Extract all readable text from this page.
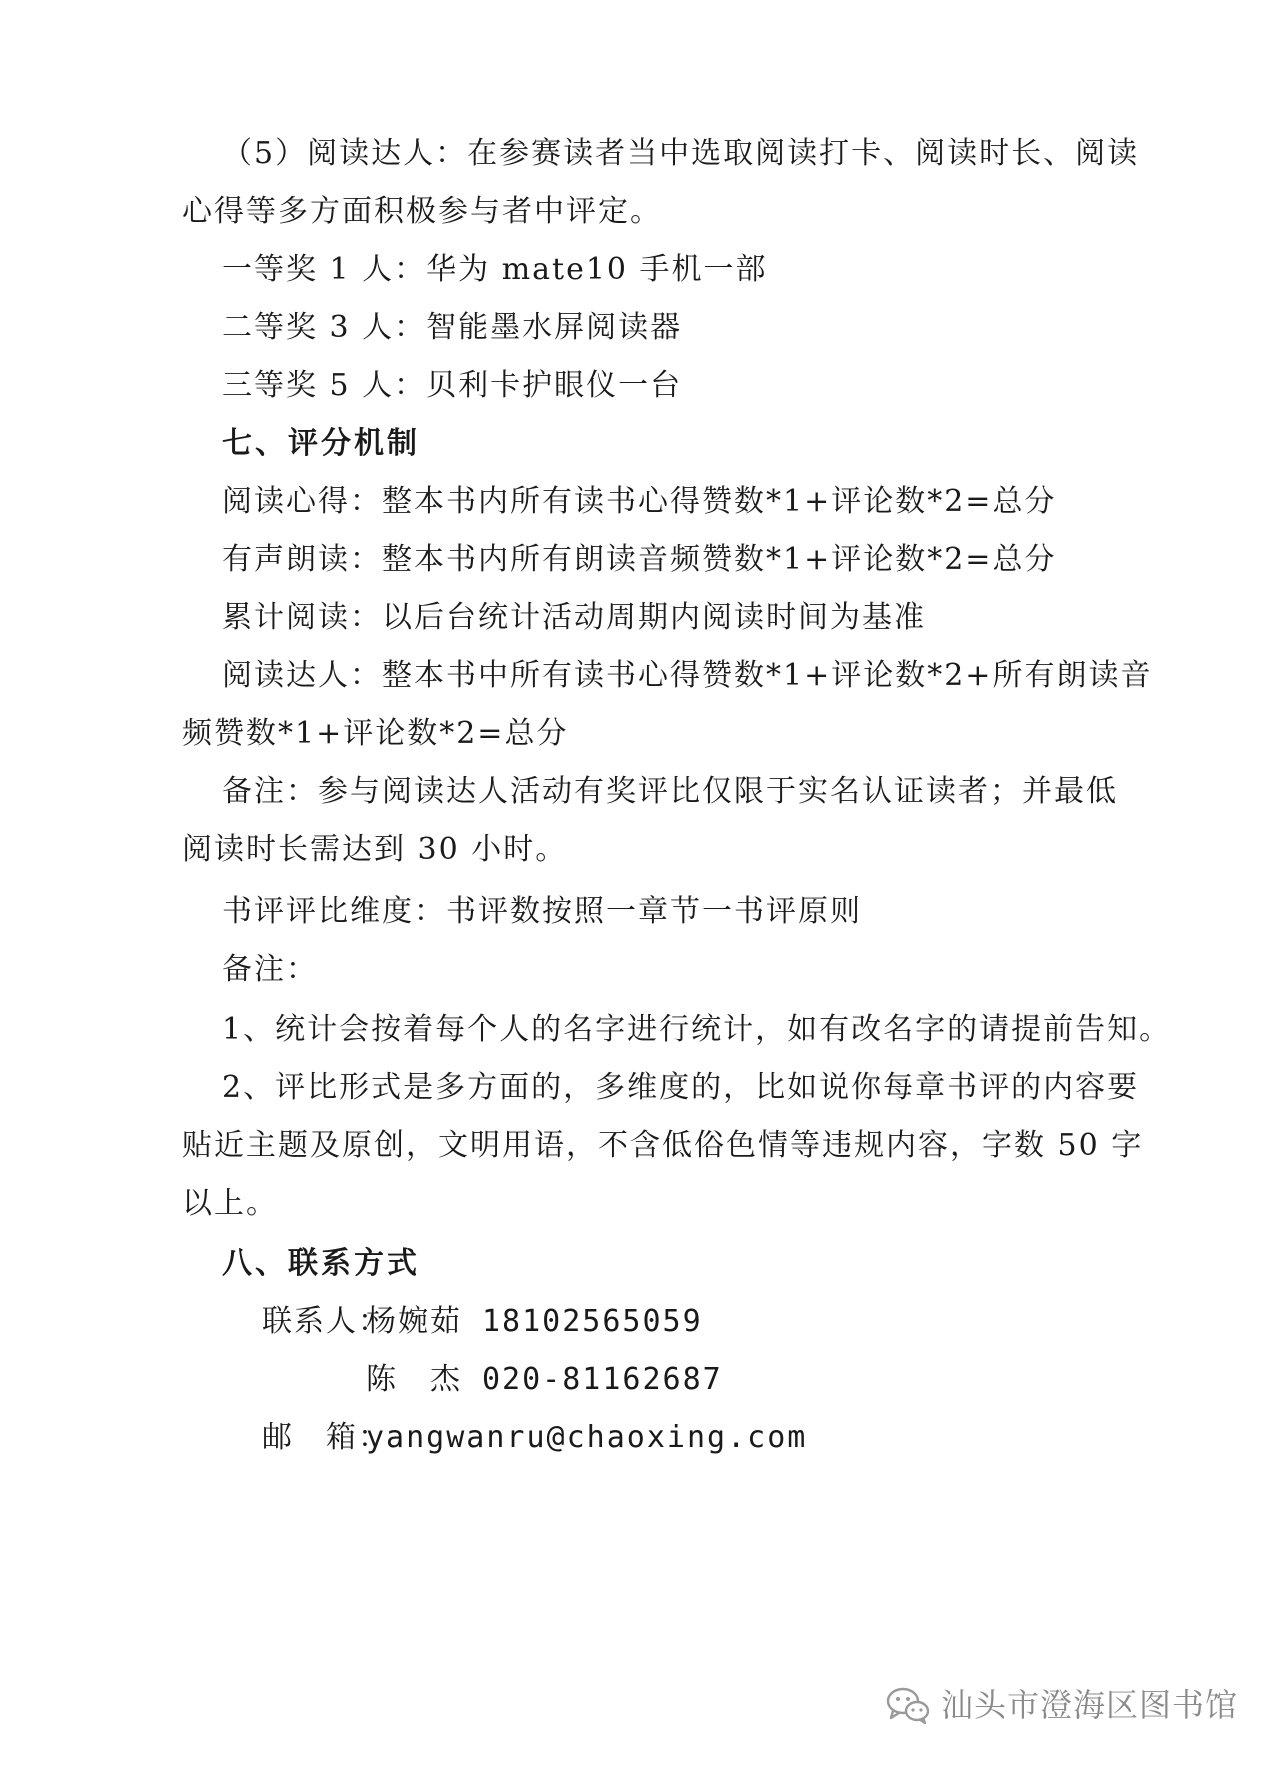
（5）阅读达人：在参赛读者当中选取阅读打卡、阅读时长、阅读
心得等多方面积极参与者中评定。
一等奖 1 人：华为 mate10 手机一部
二等奖 3 人：智能墨水屏阅读器
三等奖 5 人：贝利卡护眼仪一台
七、评分机制
阅读心得：整本书内所有读书心得赞数*1+评论数*2=总分
有声朗读：整本书内所有朗读音频赞数*1+评论数*2=总分
累计阅读：以后台统计活动周期内阅读时间为基准
阅读达人：整本书中所有读书心得赞数*1+评论数*2+所有朗读音
频赞数*1+评论数*2=总分
备注：参与阅读达人活动有奖评比仅限于实名认证读者；并最低
阅读时长需达到 30 小时。
书评评比维度：书评数按照一章节一书评原则
备注：
1、统计会按着每个人的名字进行统计，如有改名字的请提前告知。
2、评比形式是多方面的，多维度的，比如说你每章书评的内容要
贴近主题及原创，文明用语，不含低俗色情等违规内容，字数 50 字
以上。
八、联系方式
联系人：
杨婉茹 18102565059
陈　杰 020-81162687
邮　箱：
yangwanru@chaoxing.com
汕头市澄海区图书馆
